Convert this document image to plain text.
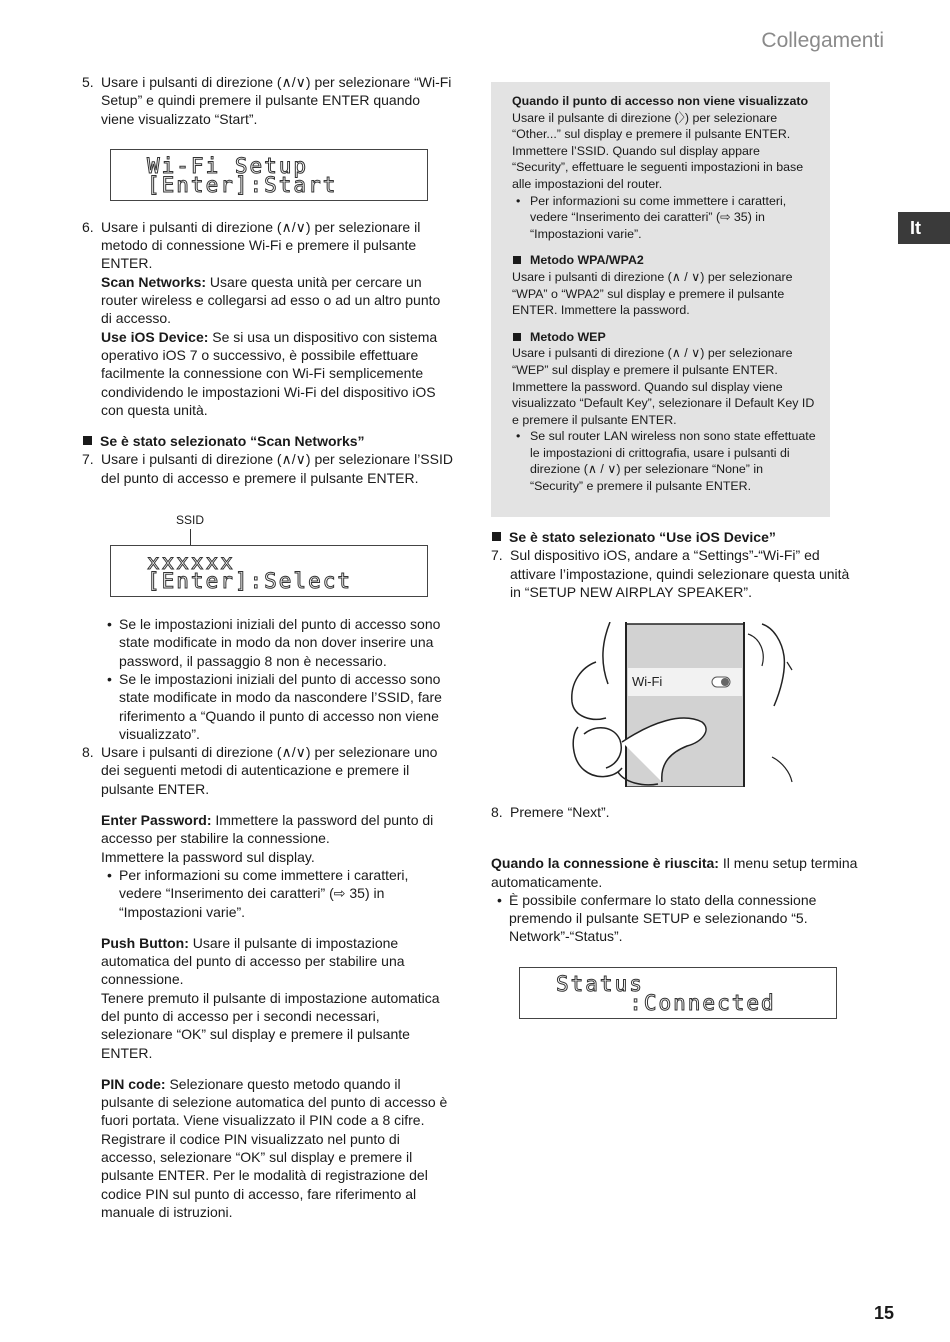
Collegamenti
It
5. Usare i pulsanti di direzione (∧/∨) per selezionare “Wi-Fi Setup” e quindi premere il pulsante ENTER quando viene visualizzato “Start”.
Wi-Fi Setup
[Enter]:Start
6. Usare i pulsanti di direzione (∧/∨) per selezionare il metodo di connessione Wi-Fi e premere il pulsante ENTER.

Scan Networks: Usare questa unità per cercare un router wireless e collegarsi ad esso o ad un altro punto di accesso.

Use iOS Device: Se si usa un dispositivo con sistema operativo iOS 7 o successivo, è possibile effettuare facilmente la connessione con Wi-Fi semplicemente condividendo le impostazioni Wi-Fi del dispositivo iOS con questa unità.

Se è stato selezionato “Scan Networks”
7. Usare i pulsanti di direzione (∧/∨) per selezionare l’SSID del punto di accesso e premere il pulsante ENTER.
SSID
xxxxxx
[Enter]:Select
• Se le impostazioni iniziali del punto di accesso sono state modificate in modo da non dover inserire una password, il passaggio 8 non è necessario.
• Se le impostazioni iniziali del punto di accesso sono state modificate in modo da nascondere l’SSID, fare riferimento a “Quando il punto di accesso non viene visualizzato”.
8. Usare i pulsanti di direzione (∧/∨) per selezionare uno dei seguenti metodi di autenticazione e premere il pulsante ENTER.

Enter Password: Immettere la password del punto di accesso per stabilire la connessione.

Immettere la password sul display.

• Per informazioni su come immettere i caratteri, vedere “Inserimento dei caratteri” (⇨ 35) in “Impostazioni varie”.

Push Button: Usare il pulsante di impostazione automatica del punto di accesso per stabilire una connessione.

Tenere premuto il pulsante di impostazione automatica del punto di accesso per i secondi necessari, selezionare “OK” sul display e premere il pulsante ENTER.

PIN code: Selezionare questo metodo quando il pulsante di selezione automatica del punto di accesso è fuori portata. Viene visualizzato il PIN code a 8 cifre. Registrare il codice PIN visualizzato nel punto di accesso, selezionare “OK” sul display e premere il pulsante ENTER. Per le modalità di registrazione del codice PIN sul punto di accesso, fare riferimento al manuale di istruzioni.

Quando il punto di accesso non viene visualizzato

Usare il pulsante di direzione (〉) per selezionare “Other...” sul display e premere il pulsante ENTER. Immettere l’SSID. Quando sul display appare “Security”, effettuare le seguenti impostazioni in base alle impostazioni del router.

• Per informazioni su come immettere i caratteri, vedere “Inserimento dei caratteri” (⇨ 35) in “Impostazioni varie”.
Metodo WPA/WPA2

Usare i pulsanti di direzione (∧ / ∨) per selezionare “WPA” o “WPA2” sul display e premere il pulsante ENTER. Immettere la password.

Metodo WEP

Usare i pulsanti di direzione (∧ / ∨) per selezionare “WEP” sul display e premere il pulsante ENTER. Immettere la password. Quando sul display viene visualizzato “Default Key”, selezionare il Default Key ID e premere il pulsante ENTER.

• Se sul router LAN wireless non sono state effettuate le impostazioni di crittografia, usare i pulsanti di direzione (∧ / ∨) per selezionare “None” in “Security” e premere il pulsante ENTER.
Se è stato selezionato “Use iOS Device”
7. Sul dispositivo iOS, andare a “Settings”-“Wi-Fi” ed attivare l’impostazione, quindi selezionare questa unità in “SETUP NEW AIRPLAY SPEAKER”.
Wi-Fi
8. Premere “Next”.

Quando la connessione è riuscita: Il menu setup termina automaticamente.

• È possibile confermare lo stato della connessione premendo il pulsante SETUP e selezionando “5. Network”-“Status”.
Status
:Connected
15
